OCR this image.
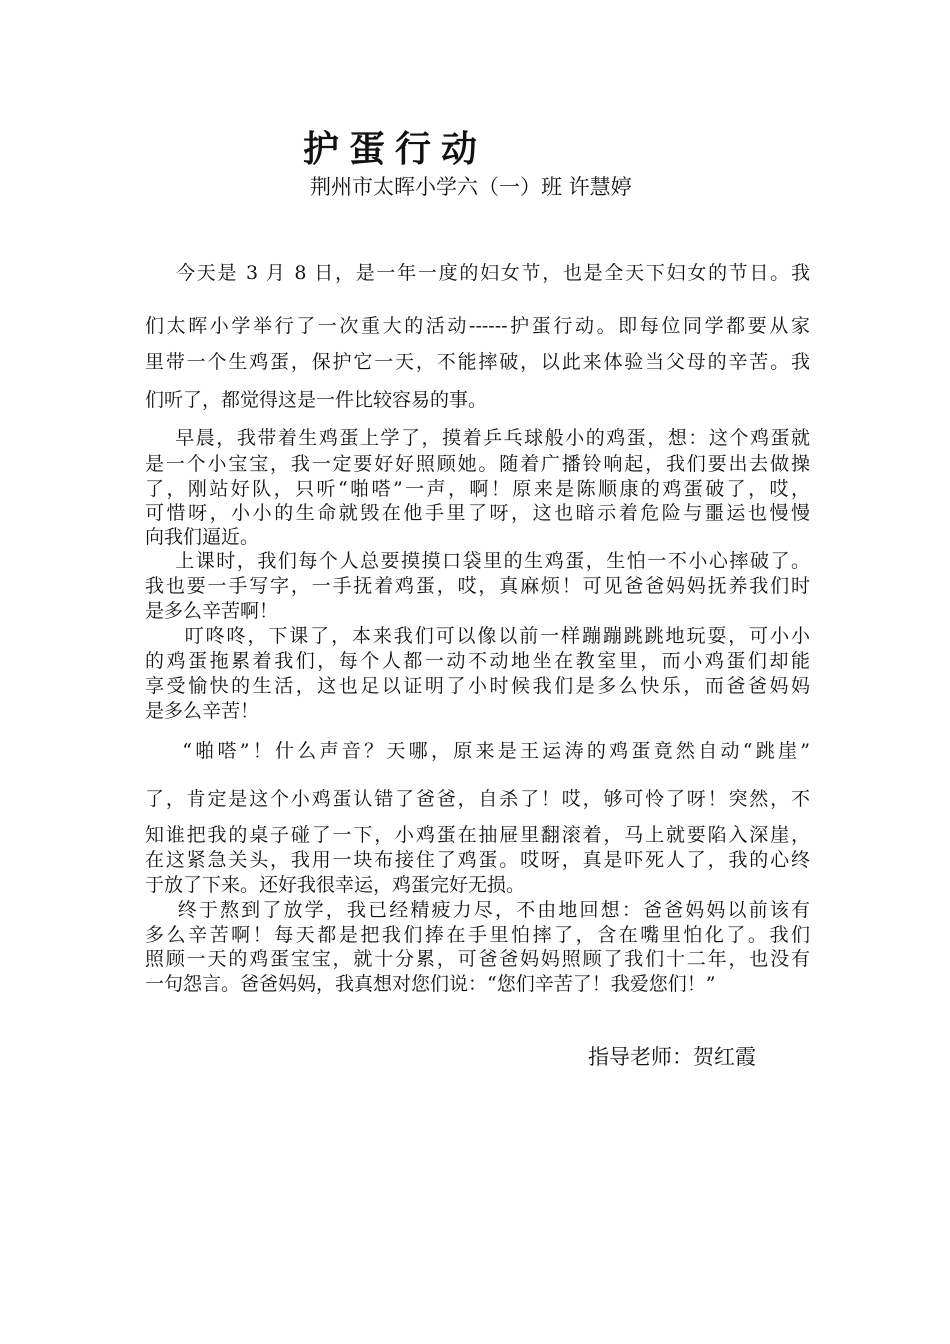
护蛋行动
荆州市太晖小学六（一）班 许慧婷
今天是 3 月 8 日，是一年一度的妇女节，也是全天下妇女的节日。我
们太晖小学举行了一次重大的活动------护蛋行动。即每位同学都要从家
里带一个生鸡蛋，保护它一天，不能摔破，以此来体验当父母的辛苦。我
们听了，都觉得这是一件比较容易的事。
早晨，我带着生鸡蛋上学了，摸着乒乓球般小的鸡蛋，想：这个鸡蛋就
是一个小宝宝，我一定要好好照顾她。随着广播铃响起，我们要出去做操
了，刚站好队，只听“啪嗒”一声，啊！原来是陈顺康的鸡蛋破了，哎，
可惜呀，小小的生命就毁在他手里了呀，这也暗示着危险与噩运也慢慢
向我们逼近。
上课时，我们每个人总要摸摸口袋里的生鸡蛋，生怕一不小心摔破了。
我也要一手写字，一手抚着鸡蛋，哎，真麻烦！可见爸爸妈妈抚养我们时
是多么辛苦啊！
叮咚咚，下课了，本来我们可以像以前一样蹦蹦跳跳地玩耍，可小小
的鸡蛋拖累着我们，每个人都一动不动地坐在教室里，而小鸡蛋们却能
享受愉快的生活，这也足以证明了小时候我们是多么快乐，而爸爸妈妈
是多么辛苦！
“啪嗒”！什么声音？天哪，原来是王运涛的鸡蛋竟然自动“跳崖”
了，肯定是这个小鸡蛋认错了爸爸，自杀了！哎，够可怜了呀！突然，不
知谁把我的桌子碰了一下，小鸡蛋在抽屉里翻滚着，马上就要陷入深崖，
在这紧急关头，我用一块布接住了鸡蛋。哎呀，真是吓死人了，我的心终
于放了下来。还好我很幸运，鸡蛋完好无损。
终于熬到了放学，我已经精疲力尽，不由地回想：爸爸妈妈以前该有
多么辛苦啊！每天都是把我们捧在手里怕摔了，含在嘴里怕化了。我们
照顾一天的鸡蛋宝宝，就十分累，可爸爸妈妈照顾了我们十二年，也没有
一句怨言。爸爸妈妈，我真想对您们说：“您们辛苦了！我爱您们！”
指导老师：贺红霞
